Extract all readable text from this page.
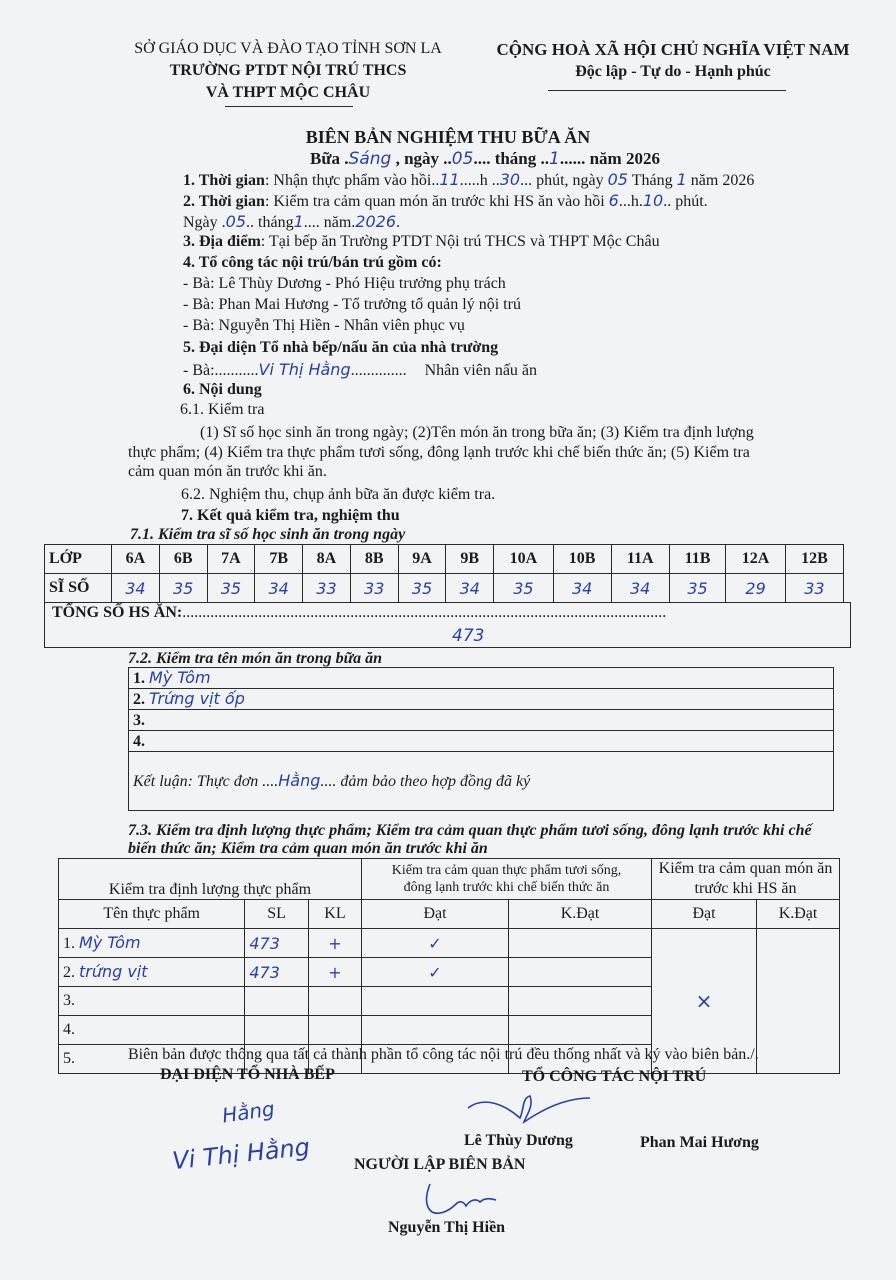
SỞ GIÁO DỤC VÀ ĐÀO TẠO TỈNH SƠN LA
TRƯỜNG PTDT NỘI TRÚ THCS
VÀ THPT MỘC CHÂU
CỘNG HOÀ XÃ HỘI CHỦ NGHĨA VIỆT NAM
Độc lập - Tự do - Hạnh phúc
BIÊN BẢN NGHIỆM THU BỮA ĂN
Bữa .Sáng , ngày ..05.... tháng ..1...... năm 2026
1. Thời gian: Nhận thực phẩm vào hồi..11.....h ..30... phút, ngày 05 Tháng 1 năm 2026
2. Thời gian: Kiểm tra cảm quan món ăn trước khi HS ăn vào hồi 6...h.10.. phút.
Ngày .05.. tháng1.... năm.2026.
3. Địa điểm: Tại bếp ăn Trường PTDT Nội trú THCS và THPT Mộc Châu
4. Tổ công tác nội trú/bán trú gồm có:
- Bà: Lê Thùy Dương - Phó Hiệu trưởng phụ trách
- Bà: Phan Mai Hương - Tổ trưởng tổ quản lý nội trú
- Bà: Nguyễn Thị Hiền - Nhân viên phục vụ
5. Đại diện Tổ nhà bếp/nấu ăn của nhà trường
- Bà:...........Vi Thị Hằng.............. Nhân viên nấu ăn
6. Nội dung
6.1. Kiểm tra
(1) Sĩ số học sinh ăn trong ngày; (2)Tên món ăn trong bữa ăn; (3) Kiểm tra định lượng
thực phẩm; (4) Kiểm tra thực phẩm tươi sống, đông lạnh trước khi chế biến thức ăn; (5) Kiểm tra
cảm quan món ăn trước khi ăn.
6.2. Nghiệm thu, chụp ảnh bữa ăn được kiểm tra.
7. Kết quả kiểm tra, nghiệm thu
7.1. Kiểm tra sĩ số học sinh ăn trong ngày
LỚP	6A	6B	7A	7B	8A	8B	9A	9B	10A	10B	11A	11B	12A	12B
SĨ SỐ	34	35	35	34	33	33	35	34	35	34	34	35	29	33
TỔNG SỐ HS ĂN:.........................................................................................................................
473
7.2. Kiểm tra tên món ăn trong bữa ăn
1. Mỳ Tôm
2. Trứng vịt ốp
3.
4.
Kết luận: Thực đơn ....Hằng.... đảm bảo theo hợp đồng đã ký
7.3. Kiểm tra định lượng thực phẩm; Kiểm tra cảm quan thực phẩm tươi sống, đông lạnh trước khi chế
biến thức ăn; Kiểm tra cảm quan món ăn trước khi ăn
Kiểm tra định lượng thực phẩm			Kiểm tra cảm quan thực phẩm tươi sống,
đông lạnh trước khi chế biến thức ăn		Kiểm tra cảm quan món ăn
trước khi HS ăn	
Tên thực phẩm	SL	KL	Đạt	K.Đạt	Đạt	K.Đạt
1. Mỳ Tôm	473	+	✓		×	
2. trứng vịt	473	+	✓			
3.						
4.						
5.							Biên bản được thông qua tất cả thành phần tổ công tác nội trú đều thống nhất và ký vào biên bản./.
ĐẠI DIỆN TỔ NHÀ BẾP	TỔ CÔNG TÁC NỘI TRÚ
Hằng
Vi Thị Hằng	Lê Thùy Dương	Phan Mai Hương
NGƯỜI LẬP BIÊN BẢN
Nguyễn Thị Hiền
